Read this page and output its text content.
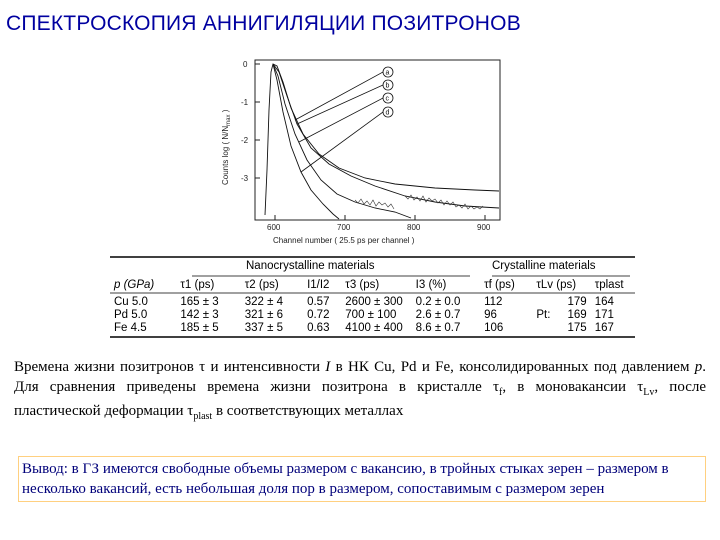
СПЕКТРОСКОПИЯ АННИГИЛЯЦИИ ПОЗИТРОНОВ
0
-1
-2
-3
600	700	800	900
Channel number ( 25.5 ps per channel )
Counts log ( $N/N_{max}$ )
a
b
c
d
Nanocrystalline materials	Crystalline materials
p (GPa)	τ1 (ps)	τ2 (ps)	I1/I2	τ3 (ps)	I3 (%)	τf (ps)	τLv (ps)	τplast

Cu 5.0	165 ± 3	322 ± 4	0.57	2600 ± 300	0.2 ± 0.0	112	179	164
Pd 5.0	142 ± 3	321 ± 6	0.72	700 ± 100	2.6 ± 0.7	96	Pt: 169	171
Fe 4.5	185 ± 5	337 ± 5	0.63	4100 ± 400	8.6 ± 0.7	106	175	167
Времена жизни позитронов τ и интенсивности I в НК Cu, Pd и Fe, консолидированных под давлением p. Для сравнения приведены времена жизни позитрона в кристалле $\tau_f$, в моновакансии $\tau_{Lv}$, после пластической деформации $\tau_{plast}$ в соответствующих металлах
Вывод: в ГЗ имеются свободные объемы размером с вакансию, в тройных стыках зерен – размером в несколько вакансий, есть небольшая доля пор в размером, сопоставимым с размером зерен
